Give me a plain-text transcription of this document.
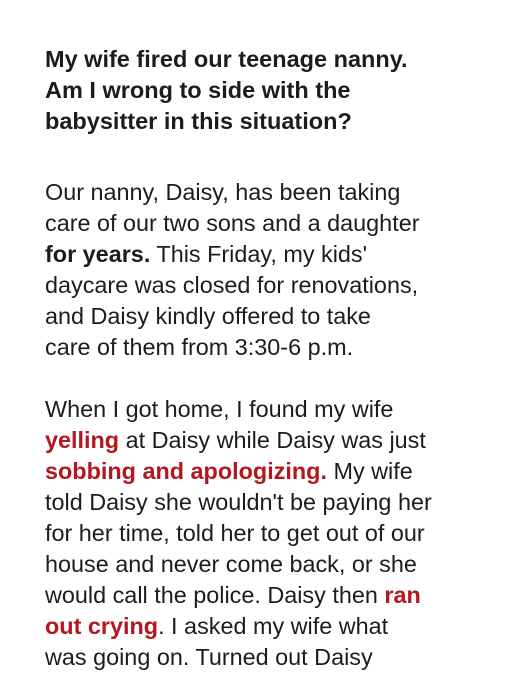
My wife fired our teenage nanny.
Am I wrong to side with the
babysitter in this situation?

Our nanny, Daisy, has been taking
care of our two sons and a daughter
for years. This Friday, my kids'
daycare was closed for renovations,
and Daisy kindly offered to take
care of them from 3:30-6 p.m.

When I got home, I found my wife
yelling at Daisy while Daisy was just
sobbing and apologizing. My wife
told Daisy she wouldn't be paying her
for her time, told her to get out of our
house and never come back, or she
would call the police. Daisy then ran
out crying. I asked my wife what
was going on. Turned out Daisy
